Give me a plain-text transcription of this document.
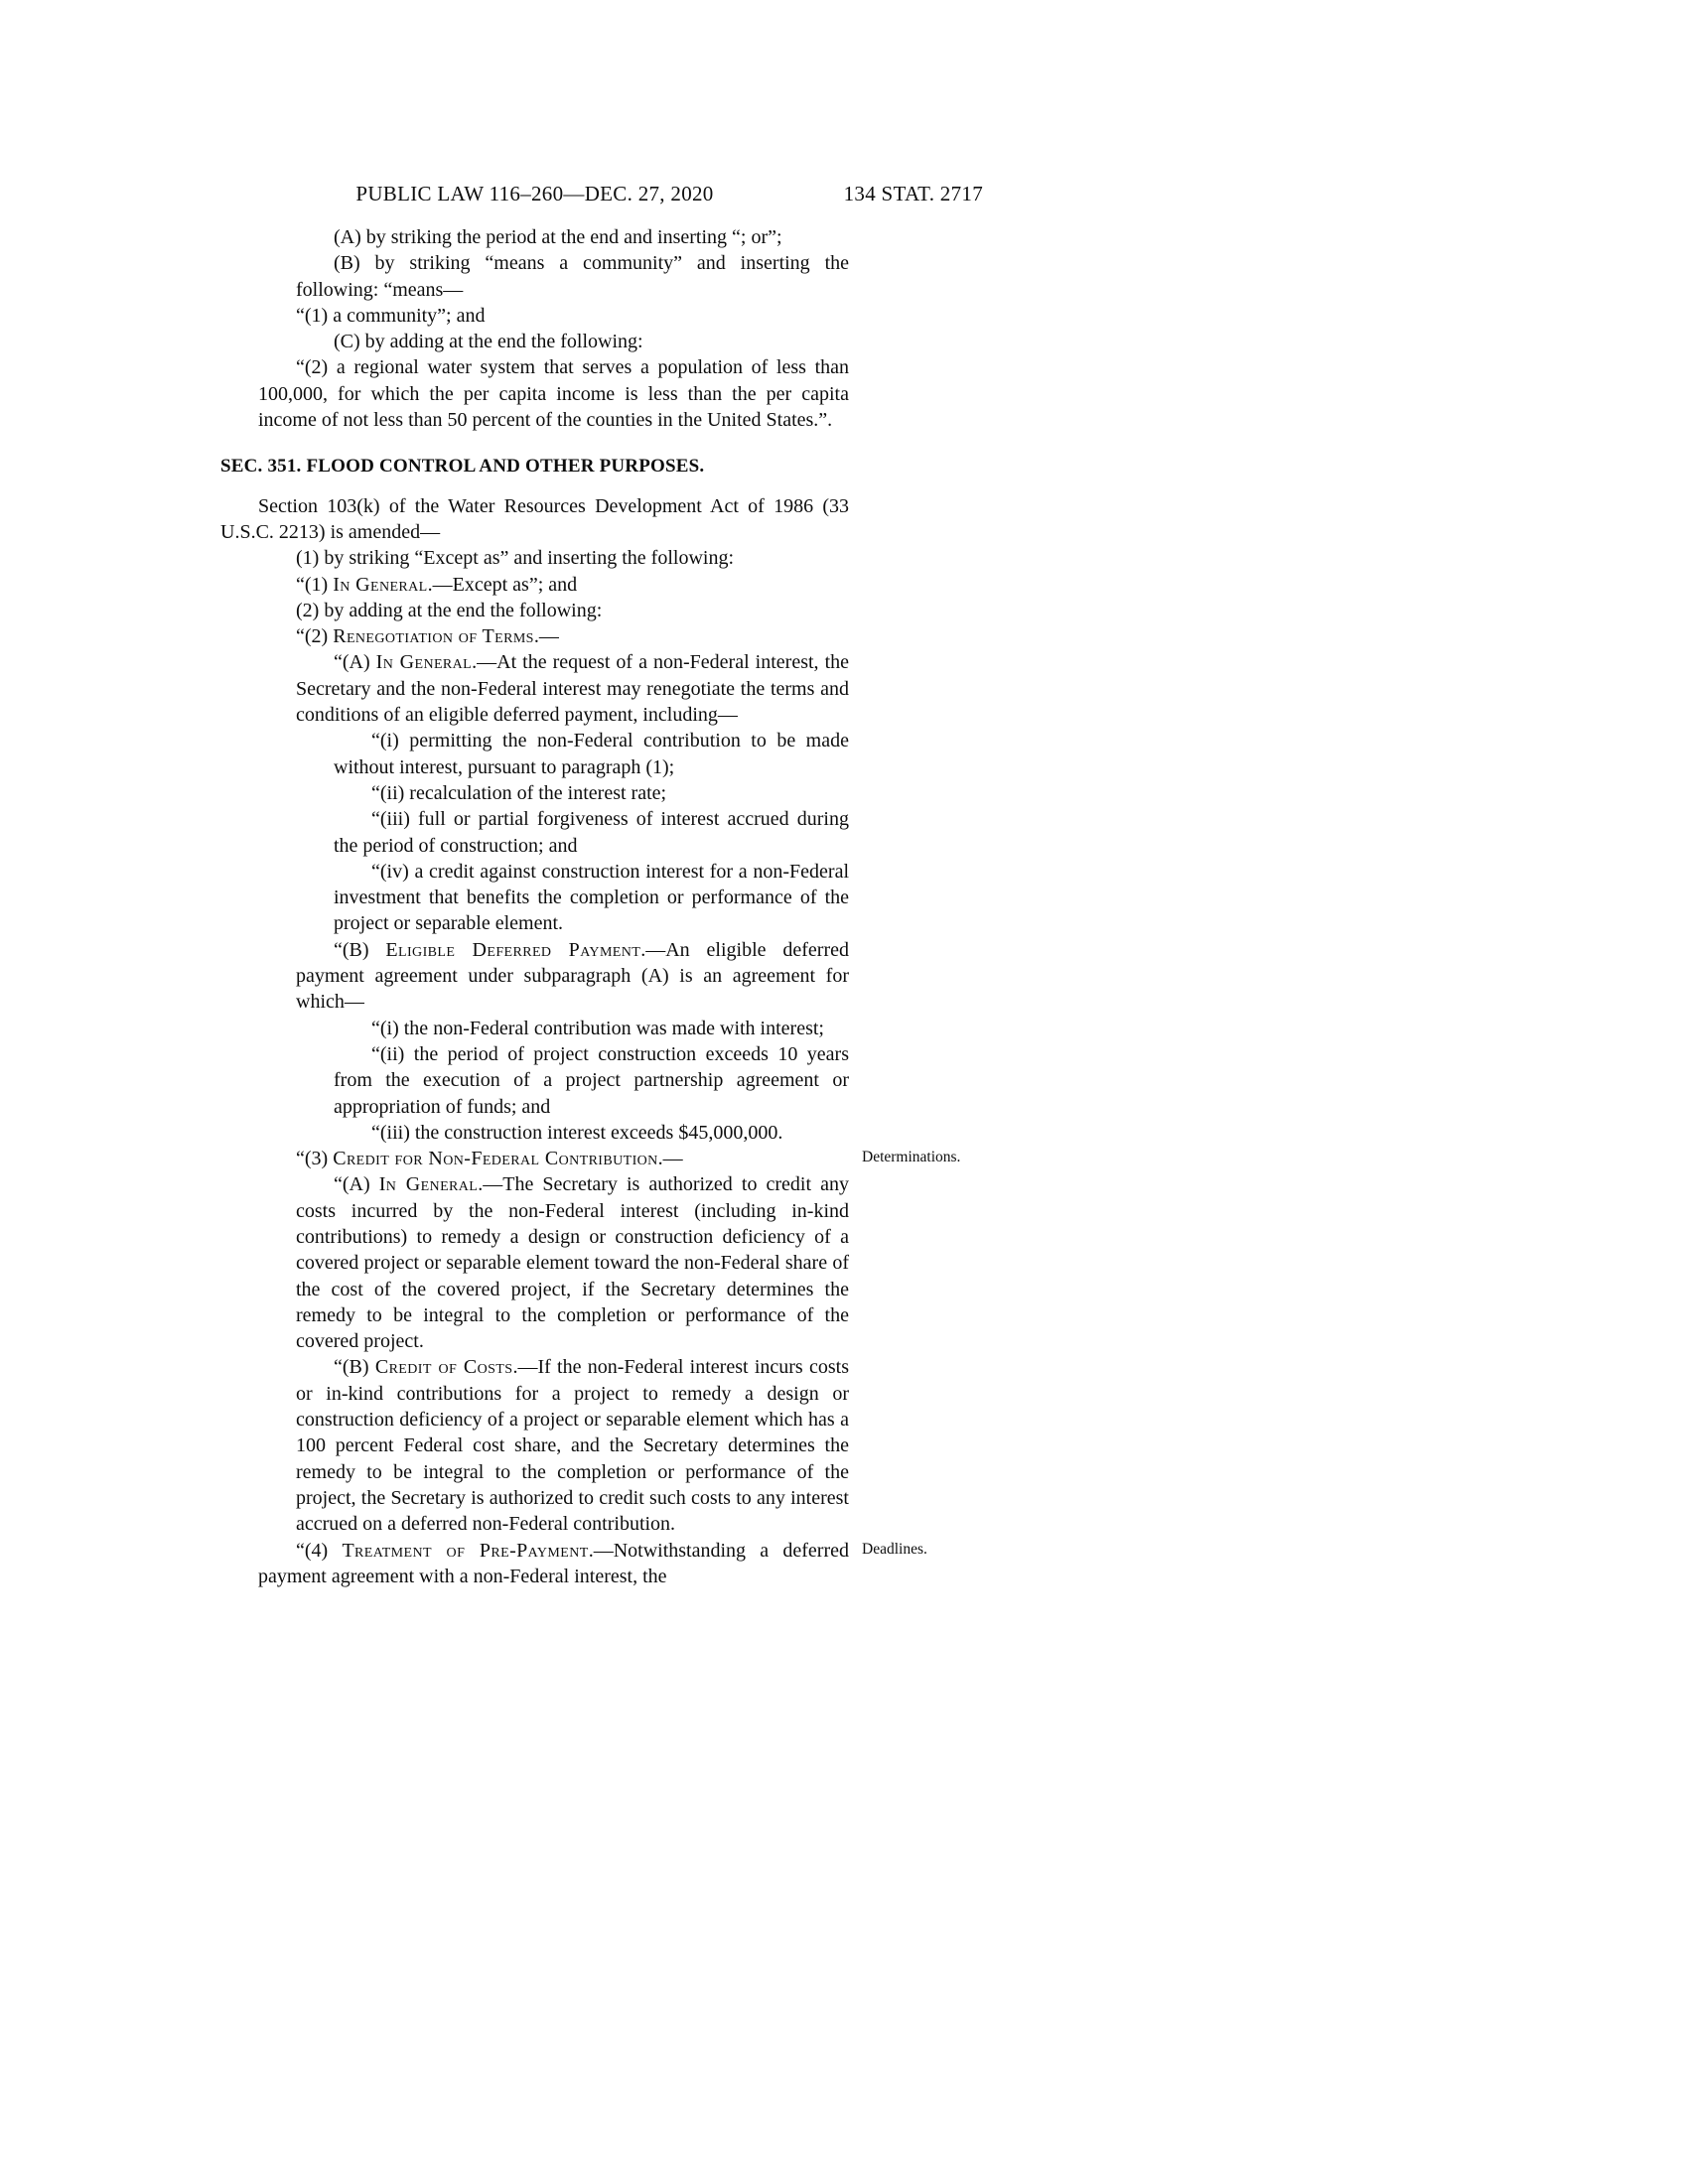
PUBLIC LAW 116–260—DEC. 27, 2020	134 STAT. 2717
(A) by striking the period at the end and inserting “; or”;
(B) by striking “means a community” and inserting the following: “means—
“(1) a community”; and
(C) by adding at the end the following:
“(2) a regional water system that serves a population of less than 100,000, for which the per capita income is less than the per capita income of not less than 50 percent of the counties in the United States.”.
SEC. 351. FLOOD CONTROL AND OTHER PURPOSES.
Section 103(k) of the Water Resources Development Act of 1986 (33 U.S.C. 2213) is amended—
(1) by striking “Except as” and inserting the following:
“(1) In General.—Except as”; and
(2) by adding at the end the following:
“(2) Renegotiation of Terms.—
“(A) In General.—At the request of a non-Federal interest, the Secretary and the non-Federal interest may renegotiate the terms and conditions of an eligible deferred payment, including—
“(i) permitting the non-Federal contribution to be made without interest, pursuant to paragraph (1);
“(ii) recalculation of the interest rate;
“(iii) full or partial forgiveness of interest accrued during the period of construction; and
“(iv) a credit against construction interest for a non-Federal investment that benefits the completion or performance of the project or separable element.
“(B) Eligible Deferred Payment.—An eligible deferred payment agreement under subparagraph (A) is an agreement for which—
“(i) the non-Federal contribution was made with interest;
“(ii) the period of project construction exceeds 10 years from the execution of a project partnership agreement or appropriation of funds; and
“(iii) the construction interest exceeds $45,000,000.
“(3) Credit for Non-Federal Contribution.—	Determinations.
“(A) In General.—The Secretary is authorized to credit any costs incurred by the non-Federal interest (including in-kind contributions) to remedy a design or construction deficiency of a covered project or separable element toward the non-Federal share of the cost of the covered project, if the Secretary determines the remedy to be integral to the completion or performance of the covered project.
“(B) Credit of Costs.—If the non-Federal interest incurs costs or in-kind contributions for a project to remedy a design or construction deficiency of a project or separable element which has a 100 percent Federal cost share, and the Secretary determines the remedy to be integral to the completion or performance of the project, the Secretary is authorized to credit such costs to any interest accrued on a deferred non-Federal contribution.
“(4) Treatment of Pre-Payment.—Notwithstanding a deferred payment agreement with a non-Federal interest, the
Deadlines.
